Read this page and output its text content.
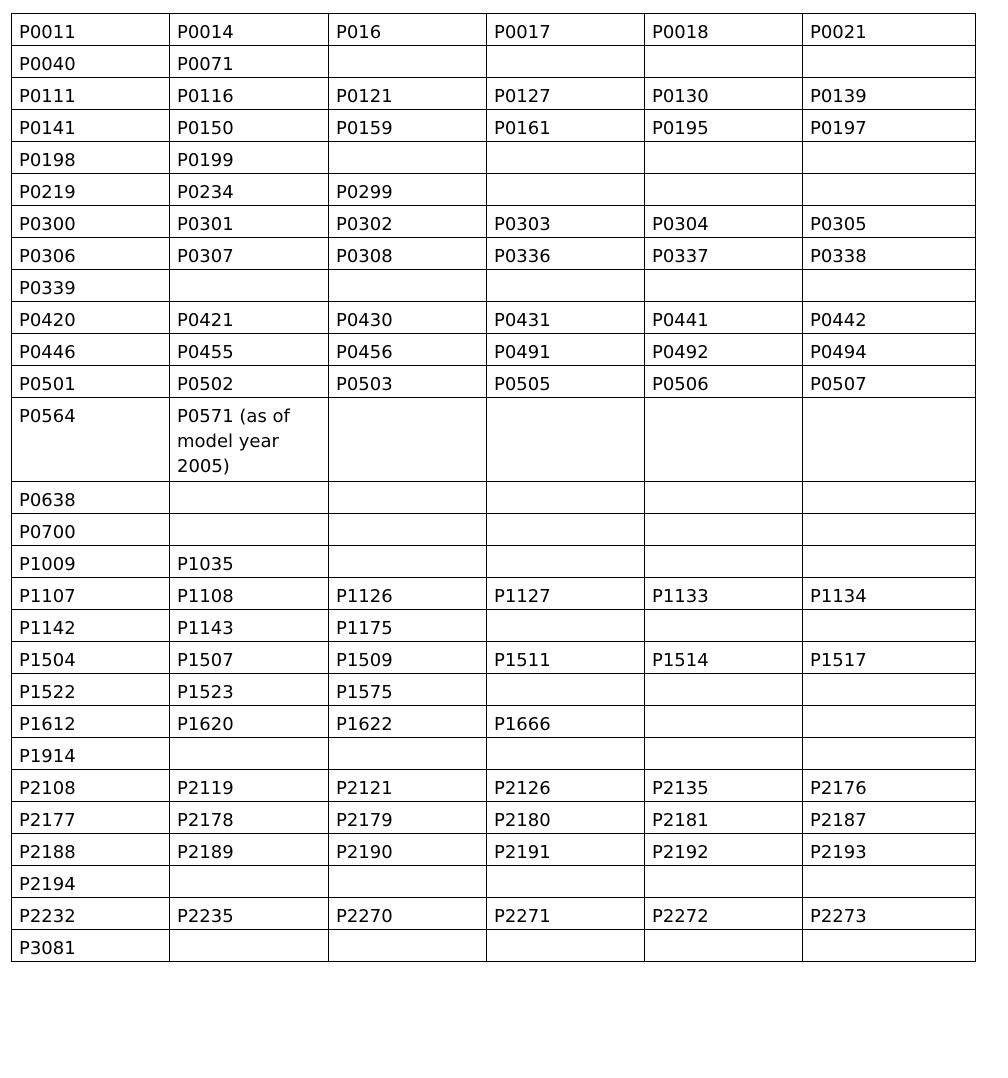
P0011	P0014	P016	P0017	P0018	P0021
P0040	P0071				
P0111	P0116	P0121	P0127	P0130	P0139
P0141	P0150	P0159	P0161	P0195	P0197
P0198	P0199				
P0219	P0234	P0299			
P0300	P0301	P0302	P0303	P0304	P0305
P0306	P0307	P0308	P0336	P0337	P0338
P0339					
P0420	P0421	P0430	P0431	P0441	P0442
P0446	P0455	P0456	P0491	P0492	P0494
P0501	P0502	P0503	P0505	P0506	P0507
P0564	P0571 (as of model year 2005)				
P0638					
P0700					
P1009	P1035				
P1107	P1108	P1126	P1127	P1133	P1134
P1142	P1143	P1175			
P1504	P1507	P1509	P1511	P1514	P1517
P1522	P1523	P1575			
P1612	P1620	P1622	P1666		
P1914					
P2108	P2119	P2121	P2126	P2135	P2176
P2177	P2178	P2179	P2180	P2181	P2187
P2188	P2189	P2190	P2191	P2192	P2193
P2194					
P2232	P2235	P2270	P2271	P2272	P2273
P3081					
